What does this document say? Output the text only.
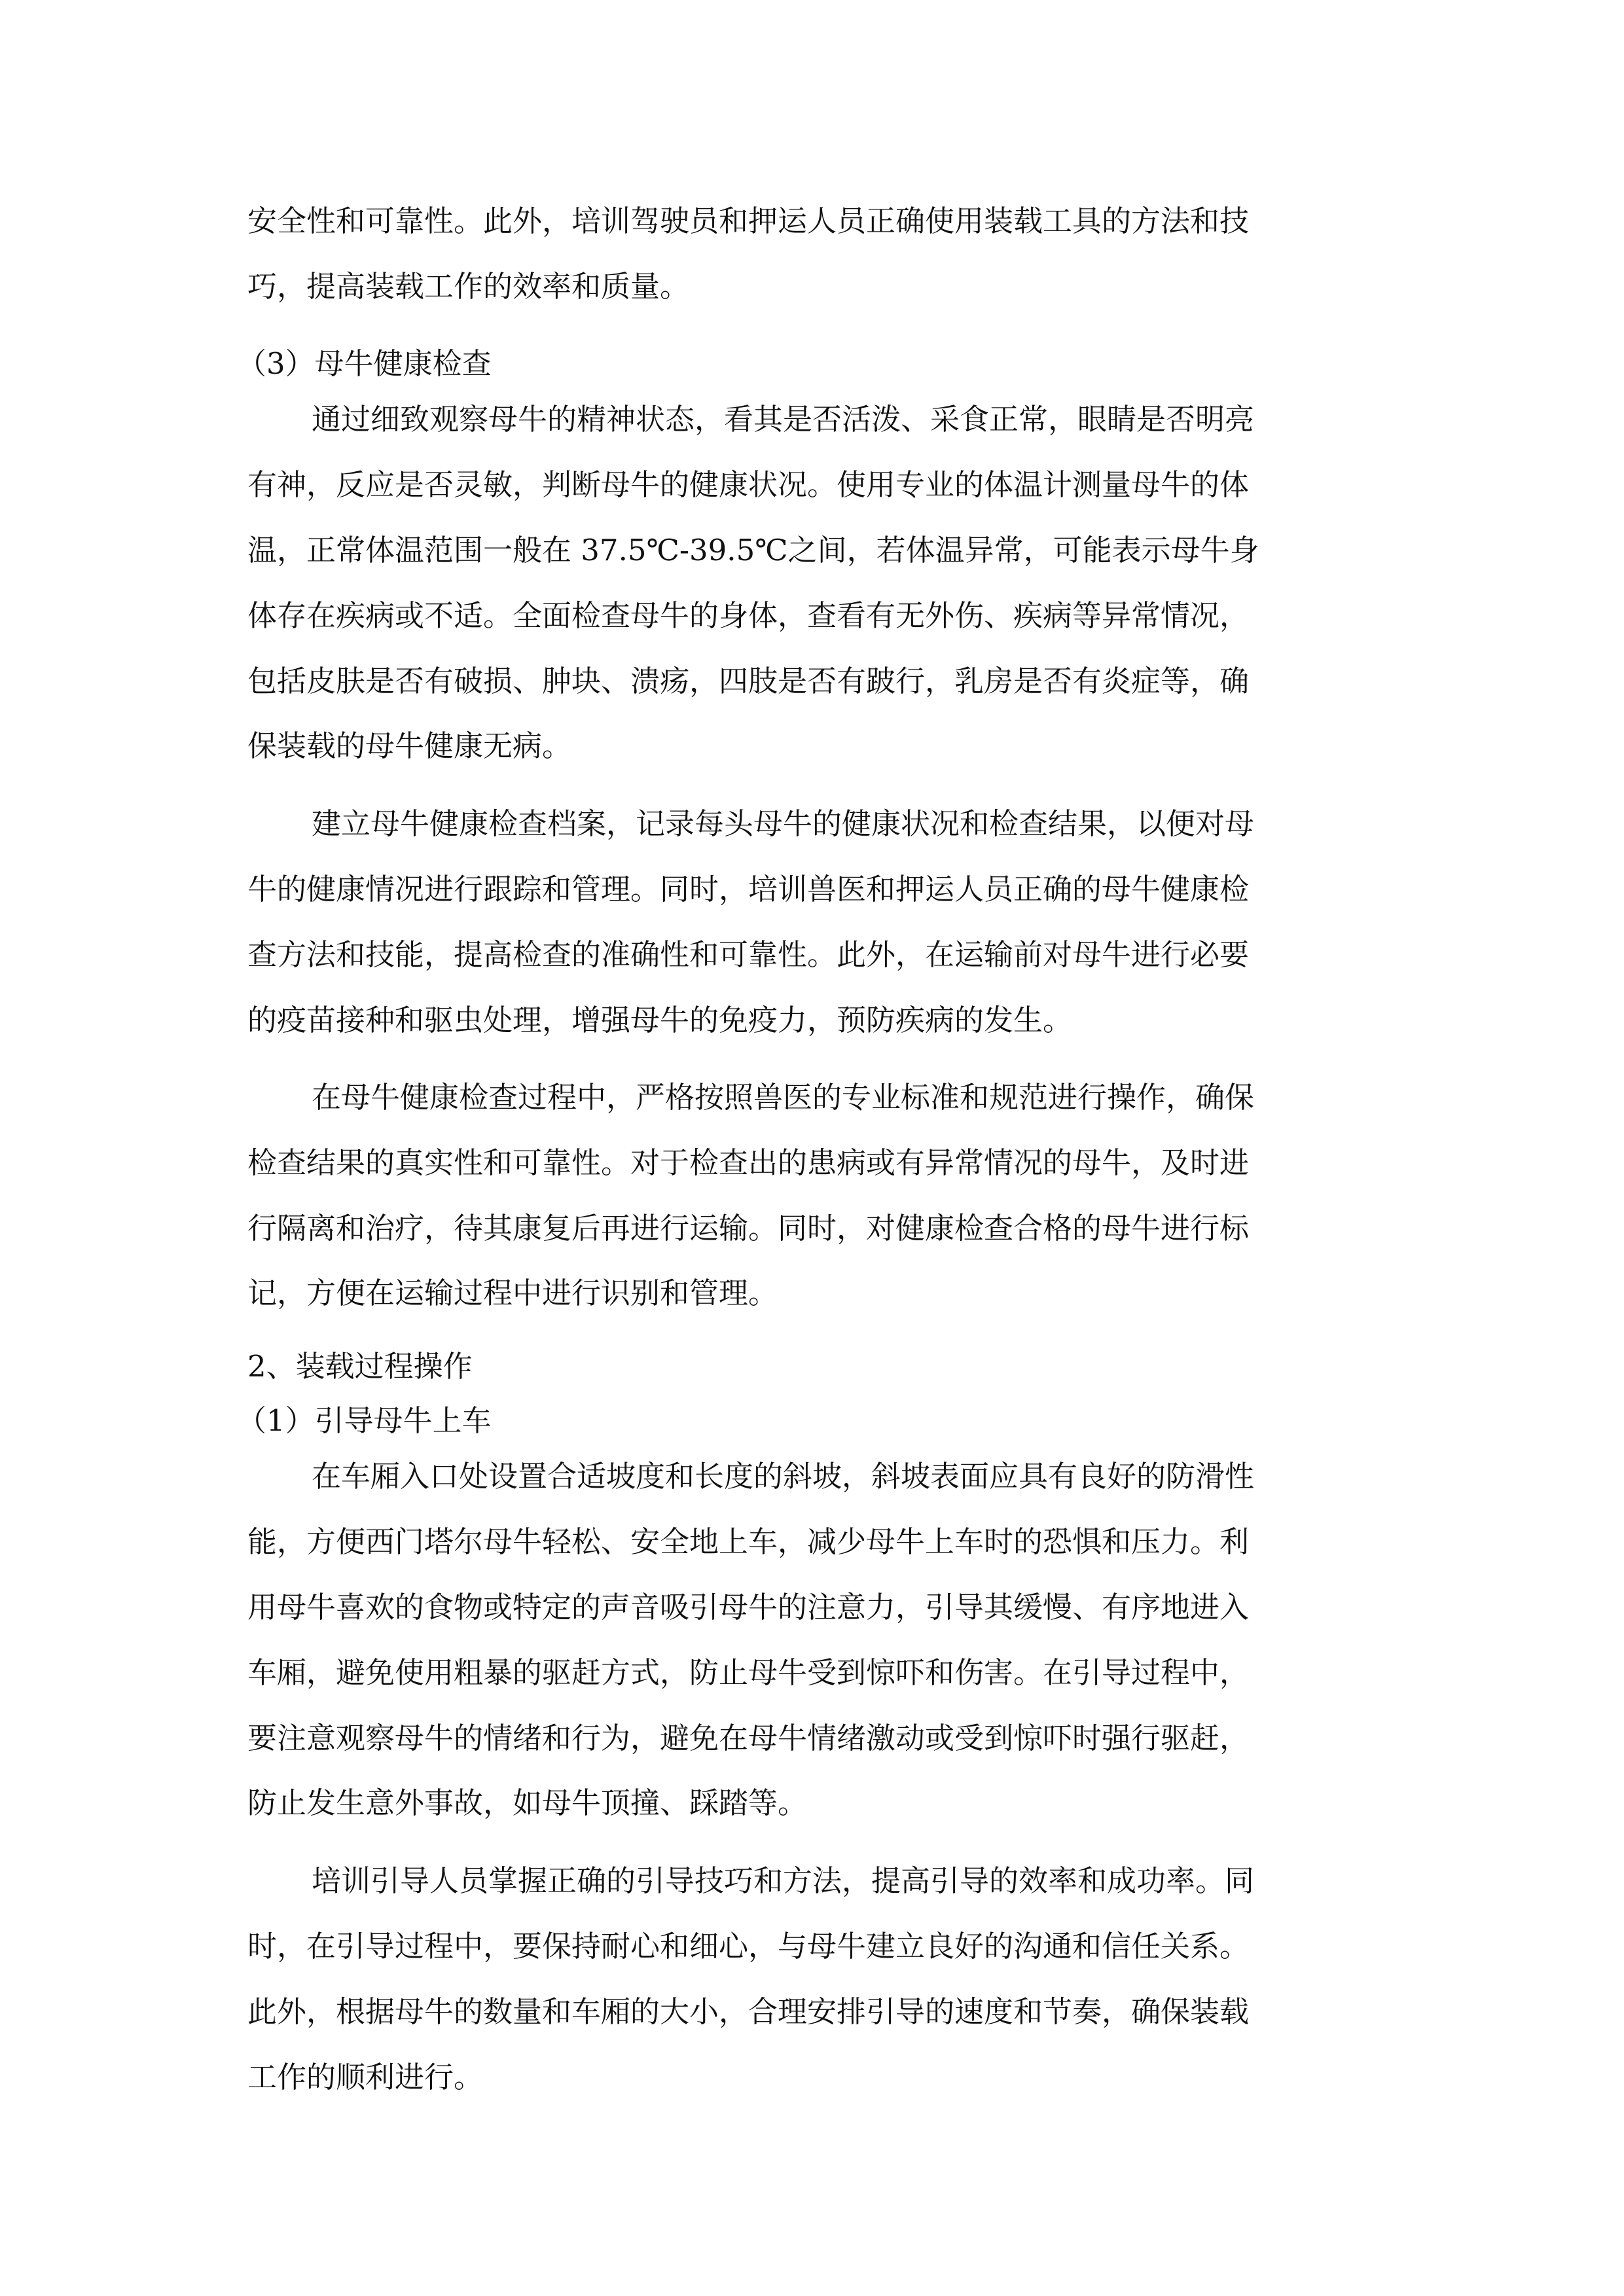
安全性和可靠性。此外，培训驾驶员和押运人员正确使用装载工具的方法和技

巧，提高装载工作的效率和质量。

（3）母牛健康检查

通过细致观察母牛的精神状态，看其是否活泼、采食正常，眼睛是否明亮

有神，反应是否灵敏，判断母牛的健康状况。使用专业的体温计测量母牛的体

温，正常体温范围一般在 37.5℃-39.5℃之间，若体温异常，可能表示母牛身

体存在疾病或不适。全面检查母牛的身体，查看有无外伤、疾病等异常情况，

包括皮肤是否有破损、肿块、溃疡，四肢是否有跛行，乳房是否有炎症等，确

保装载的母牛健康无病。

建立母牛健康检查档案，记录每头母牛的健康状况和检查结果，以便对母

牛的健康情况进行跟踪和管理。同时，培训兽医和押运人员正确的母牛健康检

查方法和技能，提高检查的准确性和可靠性。此外，在运输前对母牛进行必要

的疫苗接种和驱虫处理，增强母牛的免疫力，预防疾病的发生。

在母牛健康检查过程中，严格按照兽医的专业标准和规范进行操作，确保

检查结果的真实性和可靠性。对于检查出的患病或有异常情况的母牛，及时进

行隔离和治疗，待其康复后再进行运输。同时，对健康检查合格的母牛进行标

记，方便在运输过程中进行识别和管理。

2、装载过程操作

（1）引导母牛上车

在车厢入口处设置合适坡度和长度的斜坡，斜坡表面应具有良好的防滑性

能，方便西门塔尔母牛轻松、安全地上车，减少母牛上车时的恐惧和压力。利

用母牛喜欢的食物或特定的声音吸引母牛的注意力，引导其缓慢、有序地进入

车厢，避免使用粗暴的驱赶方式，防止母牛受到惊吓和伤害。在引导过程中，

要注意观察母牛的情绪和行为，避免在母牛情绪激动或受到惊吓时强行驱赶，

防止发生意外事故，如母牛顶撞、踩踏等。

培训引导人员掌握正确的引导技巧和方法，提高引导的效率和成功率。同

时，在引导过程中，要保持耐心和细心，与母牛建立良好的沟通和信任关系。

此外，根据母牛的数量和车厢的大小，合理安排引导的速度和节奏，确保装载

工作的顺利进行。
